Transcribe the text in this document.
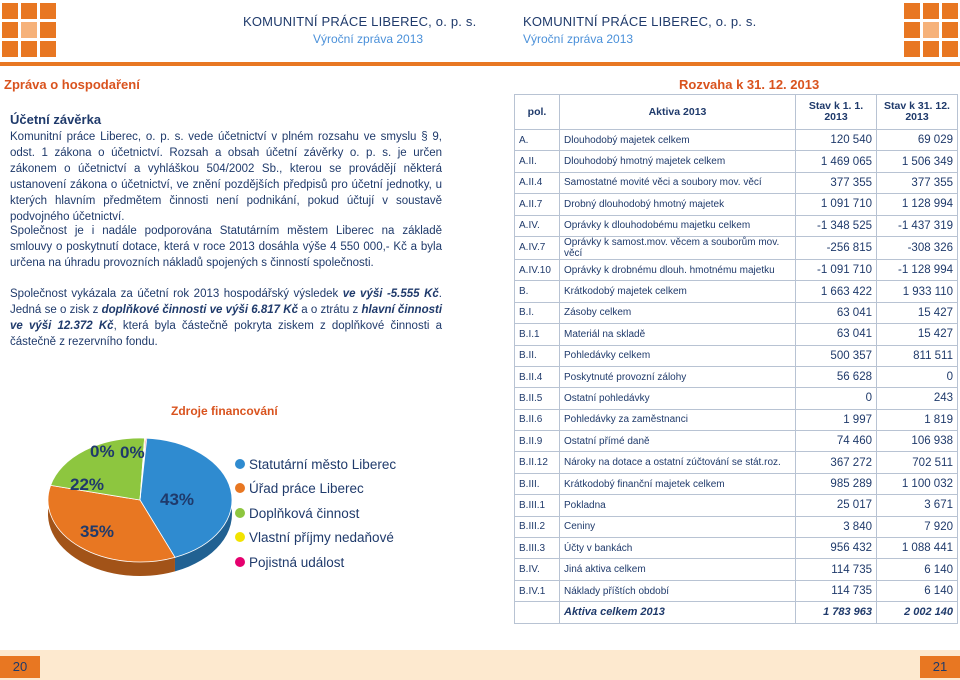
KOMUNITNÍ PRÁCE LIBEREC, o. p. s.
Výroční zpráva 2013
KOMUNITNÍ PRÁCE LIBEREC, o. p. s.
Výroční zpráva 2013
Zpráva o hospodaření
Účetní závěrka
Komunitní práce Liberec, o. p. s. vede účetnictví v plném rozsahu ve smyslu § 9, odst. 1 zákona o účetnictví. Rozsah a obsah účetní závěrky o. p. s. je určen zákonem o účetnictví a vyhláškou 504/2002 Sb., kterou se provádějí některá ustanovení zákona o účetnictví, ve znění pozdějších předpisů pro účetní jednotky, u kterých hlavním předmětem činnosti není podnikání, pokud účtují v soustavě podvojného účetnictví.
Společnost je i nadále podporována Statutárním městem Liberec na základě smlouvy o poskytnutí dotace, která v roce 2013 dosáhla výše 4 550 000,- Kč a byla určena na úhradu provozních nákladů spojených s činností společnosti.
Společnost vykázala za účetní rok 2013 hospodářský výsledek ve výši -5.555 Kč. Jedná se o zisk z doplňkové činnosti ve výši 6.817 Kč a o ztrátu z hlavní činnosti ve výši 12.372 Kč, která byla částečně pokryta ziskem z doplňkové činnosti a částečně z rezervního fondu.
Zdroje financování
43%
35%
22%
0% 0%
Statutární město Liberec
Úřad práce Liberec
Doplňková činnost
Vlastní příjmy nedaňové
Pojistná událost
Rozvaha k 31. 12. 2013
pol.	Aktiva 2013	Stav k 1. 1. 2013	Stav k 31. 12. 2013
A.	Dlouhodobý majetek celkem	120 540	69 029
A.II.	Dlouhodobý hmotný majetek celkem	1 469 065	1 506 349
A.II.4	Samostatné movité věci a soubory mov. věcí	377 355	377 355
A.II.7	Drobný dlouhodobý hmotný majetek	1 091 710	1 128 994
A.IV.	Oprávky k dlouhodobému majetku celkem	-1 348 525	-1 437 319
A.IV.7	Oprávky k samost.mov. věcem a souborům mov. věcí	-256 815	-308 326
A.IV.10	Oprávky k drobnému dlouh. hmotnému majetku	-1 091 710	-1 128 994
B.	Krátkodobý majetek celkem	1 663 422	1 933 110
B.I.	Zásoby celkem	63 041	15 427
B.I.1	Materiál na skladě	63 041	15 427
B.II.	Pohledávky celkem	500 357	811 511
B.II.4	Poskytnuté provozní zálohy	56 628	0
B.II.5	Ostatní pohledávky	0	243
B.II.6	Pohledávky za zaměstnanci	1 997	1 819
B.II.9	Ostatní přímé daně	74 460	106 938
B.II.12	Nároky na dotace a ostatní zúčtování se stát.roz.	367 272	702 511
B.III.	Krátkodobý finanční majetek celkem	985 289	1 100 032
B.III.1	Pokladna	25 017	3 671
B.III.2	Ceniny	3 840	7 920
B.III.3	Účty v bankách	956 432	1 088 441
B.IV.	Jiná aktiva celkem	114 735	6 140
B.IV.1	Náklady příštích období	114 735	6 140
	Aktiva celkem 2013	1 783 963	2 002 140
20	21
